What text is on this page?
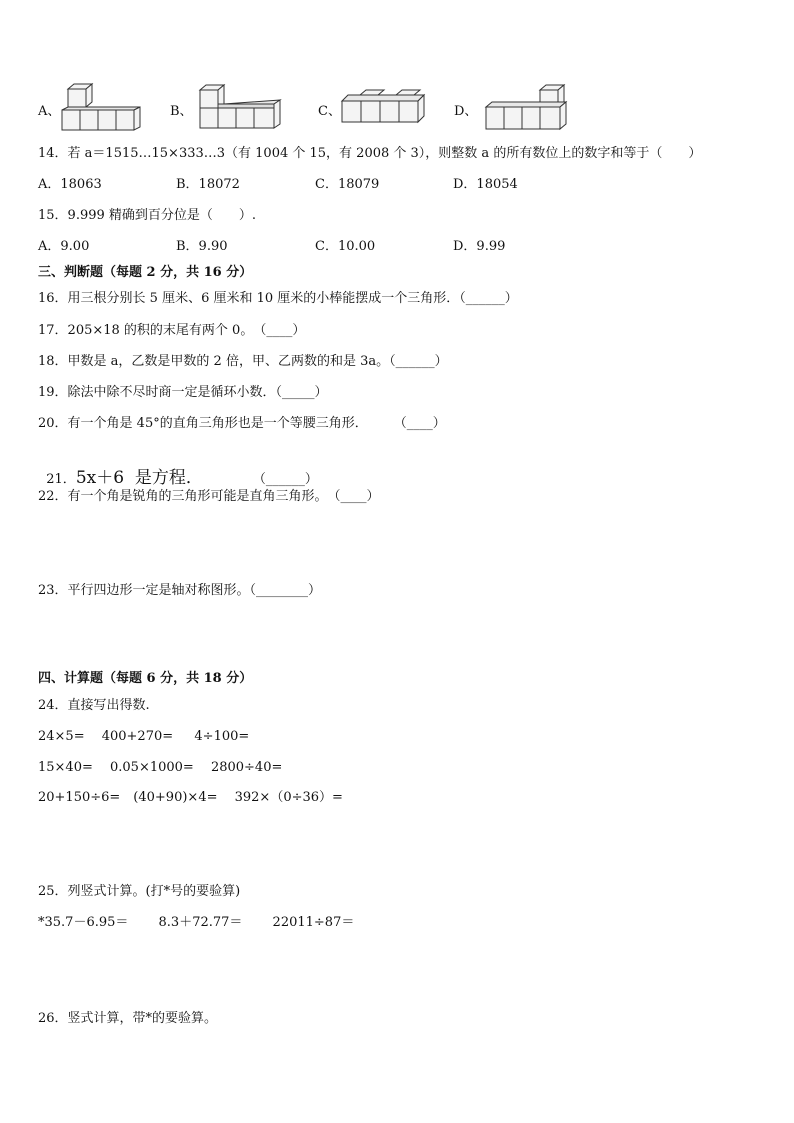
A、	B、	C、	D、
14．若 a＝1515…15×333…3（有 1004 个 15，有 2008 个 3），则整数 a 的所有数位上的数字和等于（　　）
A．18063	B．18072	C．18079	D．18054
15．9.999 精确到百分位是（　　）.
A．9.00	B．9.90	C．10.00	D．9.99
三、判断题（每题 2 分，共 16 分）
16．用三根分别长 5 厘米、6 厘米和 10 厘米的小棒能摆成一个三角形．（______）
17．205×18 的积的末尾有两个 0。　（____）
18．甲数是 a，乙数是甲数的 2 倍，甲、乙两数的和是 3a。（______）
19．除法中除不尽时商一定是循环小数．（_____）
20．有一个角是 45°的直角三角形也是一个等腰三角形．　　　（____）

21．5x＋6  是方程．	（______）

22．有一个角是锐角的三角形可能是直角三角形。　（____）
23．平行四边形一定是轴对称图形。（________）
四、计算题（每题 6 分，共 18 分）
24．直接写出得数.
24×5=　 400+270=　  4÷100=
15×40=　 0.05×1000=　 2800÷40=
20+150÷6=　(40+90)×4=　 392×（0÷36）=
25．列竖式计算。(打*号的要验算)
*35.7－6.95＝　　 8.3＋72.77＝　　 22011÷87＝
26．竖式计算，带*的要验算。
